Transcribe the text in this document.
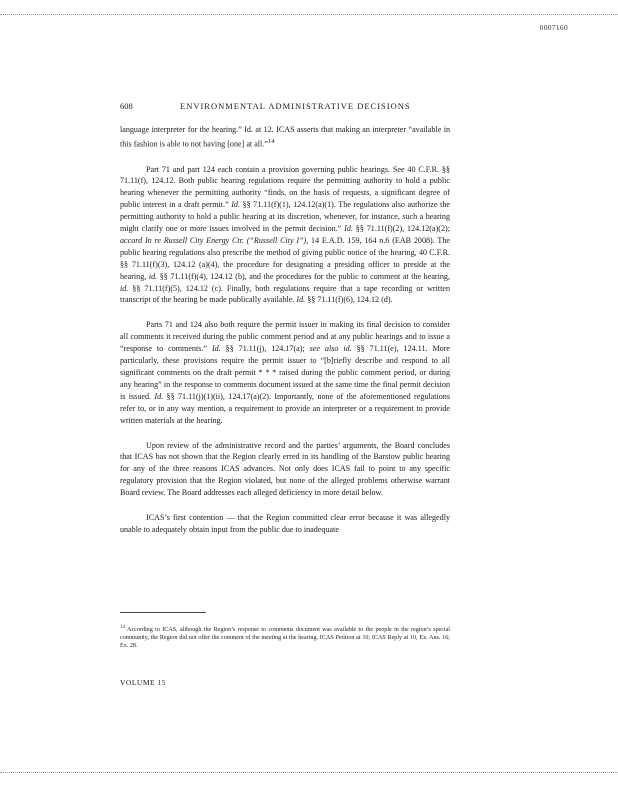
0007160
608	ENVIRONMENTAL ADMINISTRATIVE DECISIONS

language interpreter for the hearing.” Id. at 12. ICAS asserts that making an interpreter “available in this fashion is able to not having [one] at all.”$^{14}$

Part 71 and part 124 each contain a provision governing public hearings. See 40 C.F.R. §§ 71.11(f), 124.12. Both public hearing regulations require the permitting authority to hold a public hearing whenever the permitting authority “finds, on the basis of requests, a significant degree of public interest in a draft permit.” Id. §§ 71.11(f)(1), 124.12(a)(1). The regulations also authorize the permitting authority to hold a public hearing at its discretion, whenever, for instance, such a hearing might clarify one or more issues involved in the permit decision.” Id. §§ 71.11(f)(2), 124.12(a)(2); accord In re Russell City Energy Ctr. (“Russell City I”), 14 E.A.D. 159, 164 n.6 (EAB 2008). The public hearing regulations also prescribe the method of giving public notice of the hearing, 40 C.F.R. §§ 71.11(f)(3), 124.12 (a)(4), the procedure for designating a presiding officer to preside at the hearing, id. §§ 71.11(f)(4), 124.12 (b), and the procedures for the public to comment at the hearing, id. §§ 71.11(f)(5), 124.12 (c). Finally, both regulations require that a tape recording or written transcript of the hearing be made publically available. Id. §§ 71.11(f)(6), 124.12 (d).

Parts 71 and 124 also both require the permit issuer in making its final decision to consider all comments it received during the public comment period and at any public hearings and to issue a “response to comments.” Id. §§ 71.11(j), 124.17(a); see also id. §§ 71.11(e), 124.11. More particularly, these provisions require the permit issuer to “[b]riefly describe and respond to all significant comments on the draft permit * * * raised during the public comment period, or during any hearing” in the response to comments document issued at the same time the final permit decision is issued. Id. §§ 71.11(j)(1)(ii), 124.17(a)(2). Importantly, none of the aforementioned regulations refer to, or in any way mention, a requirement to provide an interpreter or a requirement to provide written materials at the hearing.

Upon review of the administrative record and the parties’ arguments, the Board concludes that ICAS has not shown that the Region clearly erred in its handling of the Barstow public hearing for any of the three reasons ICAS advances. Not only does ICAS fail to point to any specific regulatory provision that the Region violated, but none of the alleged problems otherwise warrant Board review. The Board addresses each alleged deficiency in more detail below.

ICAS’s first contention — that the Region committed clear error because it was allegedly unable to adequately obtain input from the public due to inadequate

$^{14}$ According to ICAS, although the Region’s response to comments document was available to the people in the region’s special community, the Region did not offer the comment of the meeting at the hearing. ICAS Petition at 10; ICAS Reply at 10, Ex. Ans. 16; Ex. 28.
VOLUME 15
